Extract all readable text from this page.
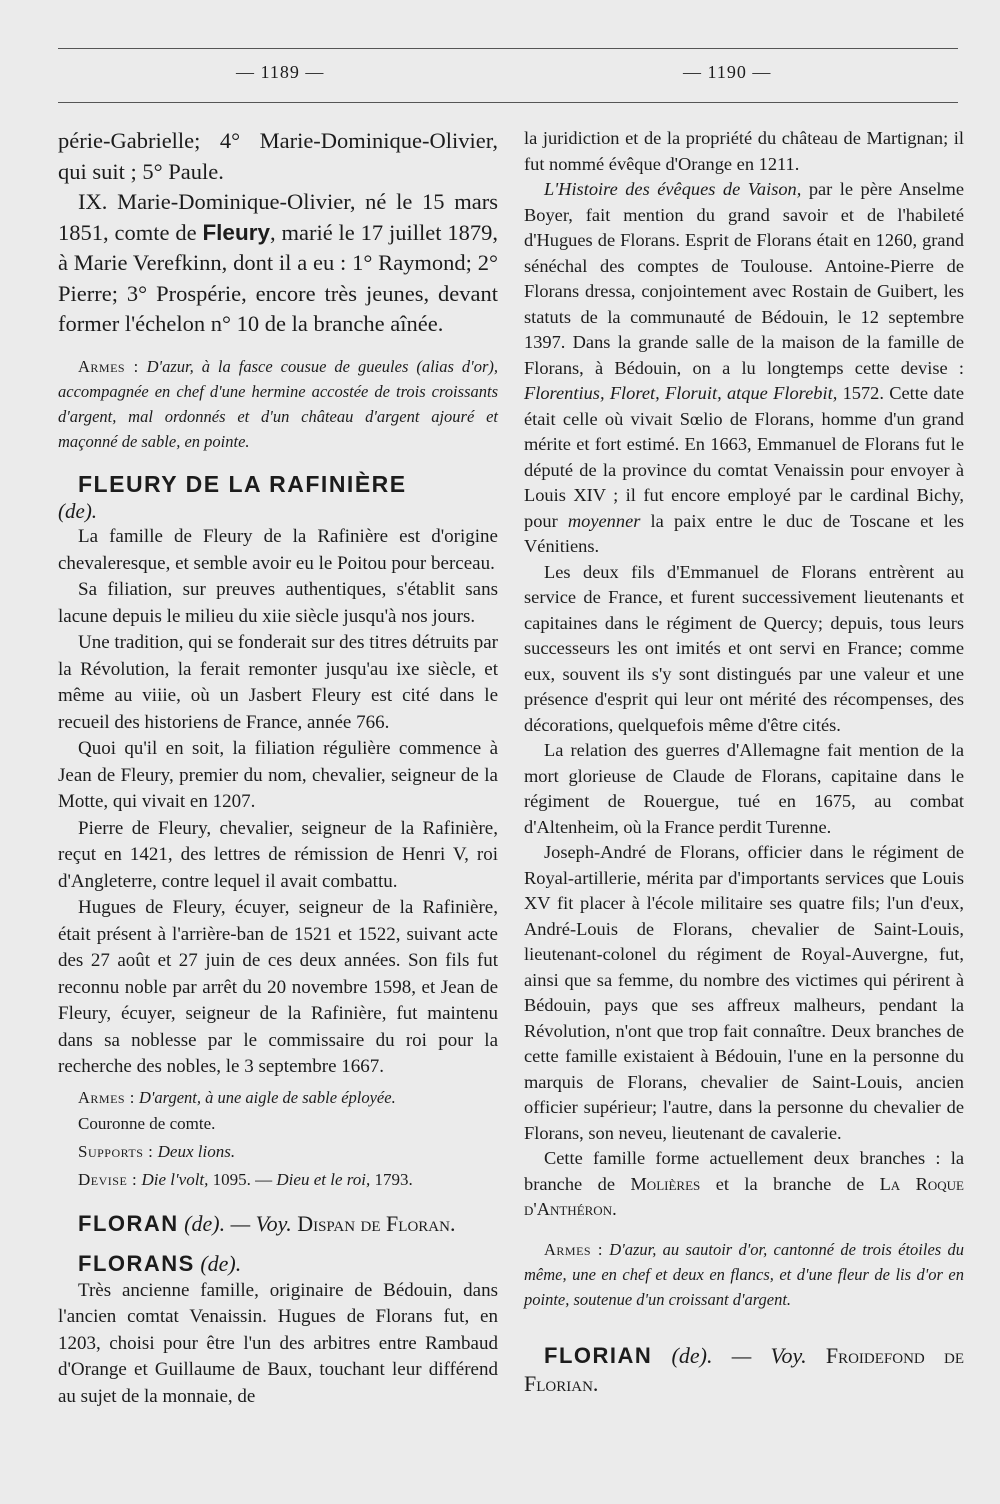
— 1189 —	— 1190 —

périe-Gabrielle; 4° Marie-Dominique-Olivier, qui suit ; 5° Paule.

IX. Marie-Dominique-Olivier, né le 15 mars 1851, comte de Fleury, marié le 17 juillet 1879, à Marie Verefkinn, dont il a eu : 1° Raymond; 2° Pierre; 3° Prospérie, encore très jeunes, devant former l'échelon n° 10 de la branche aînée.

Armes : D'azur, à la fasce cousue de gueules (alias d'or), accompagnée en chef d'une hermine accostée de trois croissants d'argent, mal ordonnés et d'un château d'argent ajouré et maçonné de sable, en pointe.

FLEURY DE LA RAFINIÈRE
(de).

La famille de Fleury de la Rafinière est d'origine chevaleresque, et semble avoir eu le Poitou pour berceau.

Sa filiation, sur preuves authentiques, s'établit sans lacune depuis le milieu du xiie siècle jusqu'à nos jours.

Une tradition, qui se fonderait sur des titres détruits par la Révolution, la ferait remonter jusqu'au ixe siècle, et même au viiie, où un Jasbert Fleury est cité dans le recueil des historiens de France, année 766.

Quoi qu'il en soit, la filiation régulière commence à Jean de Fleury, premier du nom, chevalier, seigneur de la Motte, qui vivait en 1207.

Pierre de Fleury, chevalier, seigneur de la Rafinière, reçut en 1421, des lettres de rémission de Henri V, roi d'Angleterre, contre lequel il avait combattu.

Hugues de Fleury, écuyer, seigneur de la Rafinière, était présent à l'arrière-ban de 1521 et 1522, suivant acte des 27 août et 27 juin de ces deux années. Son fils fut reconnu noble par arrêt du 20 novembre 1598, et Jean de Fleury, écuyer, seigneur de la Rafinière, fut maintenu dans sa noblesse par le commissaire du roi pour la recherche des nobles, le 3 septembre 1667.

Armes : D'argent, à une aigle de sable éployée.

Couronne de comte.

Supports : Deux lions.

Devise : Die l'volt, 1095. — Dieu et le roi, 1793.

FLORAN (de). — Voy. Dispan de Floran.

FLORANS (de).

Très ancienne famille, originaire de Bédouin, dans l'ancien comtat Venaissin. Hugues de Florans fut, en 1203, choisi pour être l'un des arbitres entre Rambaud d'Orange et Guillaume de Baux, touchant leur différend au sujet de la monnaie, de

la juridiction et de la propriété du château de Martignan; il fut nommé évêque d'Orange en 1211.

L'Histoire des évêques de Vaison, par le père Anselme Boyer, fait mention du grand savoir et de l'habileté d'Hugues de Florans. Esprit de Florans était en 1260, grand sénéchal des comptes de Toulouse. Antoine-Pierre de Florans dressa, conjointement avec Rostain de Guibert, les statuts de la communauté de Bédouin, le 12 septembre 1397. Dans la grande salle de la maison de la famille de Florans, à Bédouin, on a lu longtemps cette devise : Florentius, Floret, Floruit, atque Florebit, 1572. Cette date était celle où vivait Sœlio de Florans, homme d'un grand mérite et fort estimé. En 1663, Emmanuel de Florans fut le député de la province du comtat Venaissin pour envoyer à Louis XIV ; il fut encore employé par le cardinal Bichy, pour moyenner la paix entre le duc de Toscane et les Vénitiens.

Les deux fils d'Emmanuel de Florans entrèrent au service de France, et furent successivement lieutenants et capitaines dans le régiment de Quercy; depuis, tous leurs successeurs les ont imités et ont servi en France; comme eux, souvent ils s'y sont distingués par une valeur et une présence d'esprit qui leur ont mérité des récompenses, des décorations, quelquefois même d'être cités.

La relation des guerres d'Allemagne fait mention de la mort glorieuse de Claude de Florans, capitaine dans le régiment de Rouergue, tué en 1675, au combat d'Altenheim, où la France perdit Turenne.

Joseph-André de Florans, officier dans le régiment de Royal-artillerie, mérita par d'importants services que Louis XV fit placer à l'école militaire ses quatre fils; l'un d'eux, André-Louis de Florans, chevalier de Saint-Louis, lieutenant-colonel du régiment de Royal-Auvergne, fut, ainsi que sa femme, du nombre des victimes qui périrent à Bédouin, pays que ses affreux malheurs, pendant la Révolution, n'ont que trop fait connaître. Deux branches de cette famille existaient à Bédouin, l'une en la personne du marquis de Florans, chevalier de Saint-Louis, ancien officier supérieur; l'autre, dans la personne du chevalier de Florans, son neveu, lieutenant de cavalerie.

Cette famille forme actuellement deux branches : la branche de Molières et la branche de La Roque d'Anthéron.

Armes : D'azur, au sautoir d'or, cantonné de trois étoiles du même, une en chef et deux en flancs, et d'une fleur de lis d'or en pointe, soutenue d'un croissant d'argent.

FLORIAN (de). — Voy. Froidefond de Florian.
